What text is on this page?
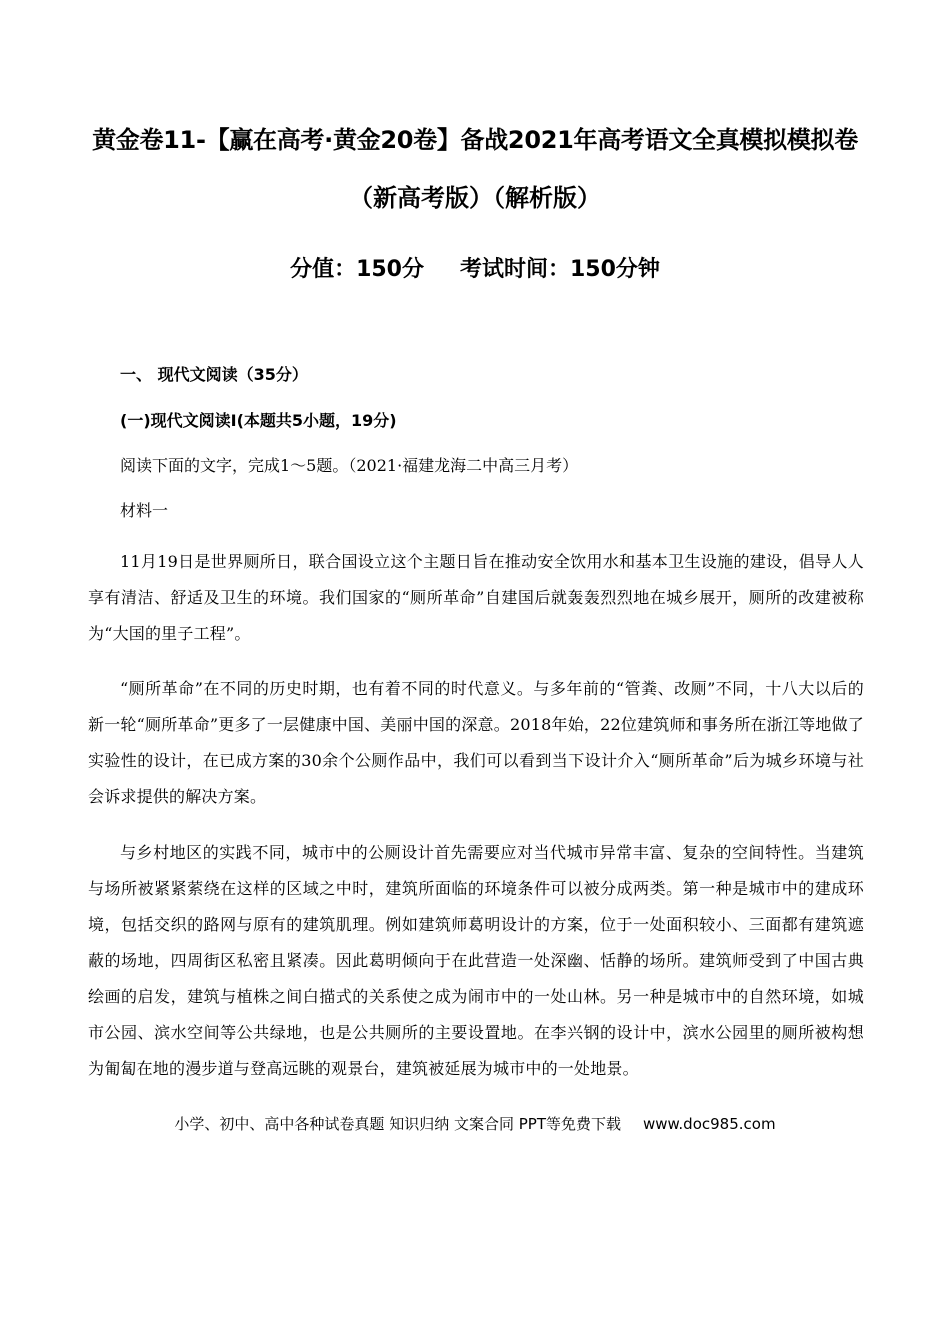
黄金卷11-【赢在高考·黄金20卷】备战2021年高考语文全真模拟模拟卷
（新高考版）（解析版）
分值：150分 考试时间：150分钟
一、 现代文阅读（35分）
(一)现代文阅读Ⅰ(本题共5小题，19分)
阅读下面的文字，完成1～5题。（2021·福建龙海二中高三月考）
材料一
11月19日是世界厕所日，联合国设立这个主题日旨在推动安全饮用水和基本卫生设施的建设，倡导人人享有清洁、舒适及卫生的环境。我们国家的“厕所革命”自建国后就轰轰烈烈地在城乡展开，厕所的改建被称为“大国的里子工程”。
“厕所革命”在不同的历史时期，也有着不同的时代意义。与多年前的“管粪、改厕”不同，十八大以后的新一轮“厕所革命”更多了一层健康中国、美丽中国的深意。2018年始，22位建筑师和事务所在浙江等地做了实验性的设计，在已成方案的30余个公厕作品中，我们可以看到当下设计介入“厕所革命”后为城乡环境与社会诉求提供的解决方案。
与乡村地区的实践不同，城市中的公厕设计首先需要应对当代城市异常丰富、复杂的空间特性。当建筑与场所被紧紧萦绕在这样的区域之中时，建筑所面临的环境条件可以被分成两类。第一种是城市中的建成环境，包括交织的路网与原有的建筑肌理。例如建筑师葛明设计的方案，位于一处面积较小、三面都有建筑遮蔽的场地，四周街区私密且紧凑。因此葛明倾向于在此营造一处深幽、恬静的场所。建筑师受到了中国古典绘画的启发，建筑与植株之间白描式的关系使之成为闹市中的一处山林。另一种是城市中的自然环境，如城市公园、滨水空间等公共绿地，也是公共厕所的主要设置地。在李兴钢的设计中，滨水公园里的厕所被构想为匍匐在地的漫步道与登高远眺的观景台，建筑被延展为城市中的一处地景。
小学、初中、高中各种试卷真题 知识归纳 文案合同 PPT等免费下载 www.doc985.com
